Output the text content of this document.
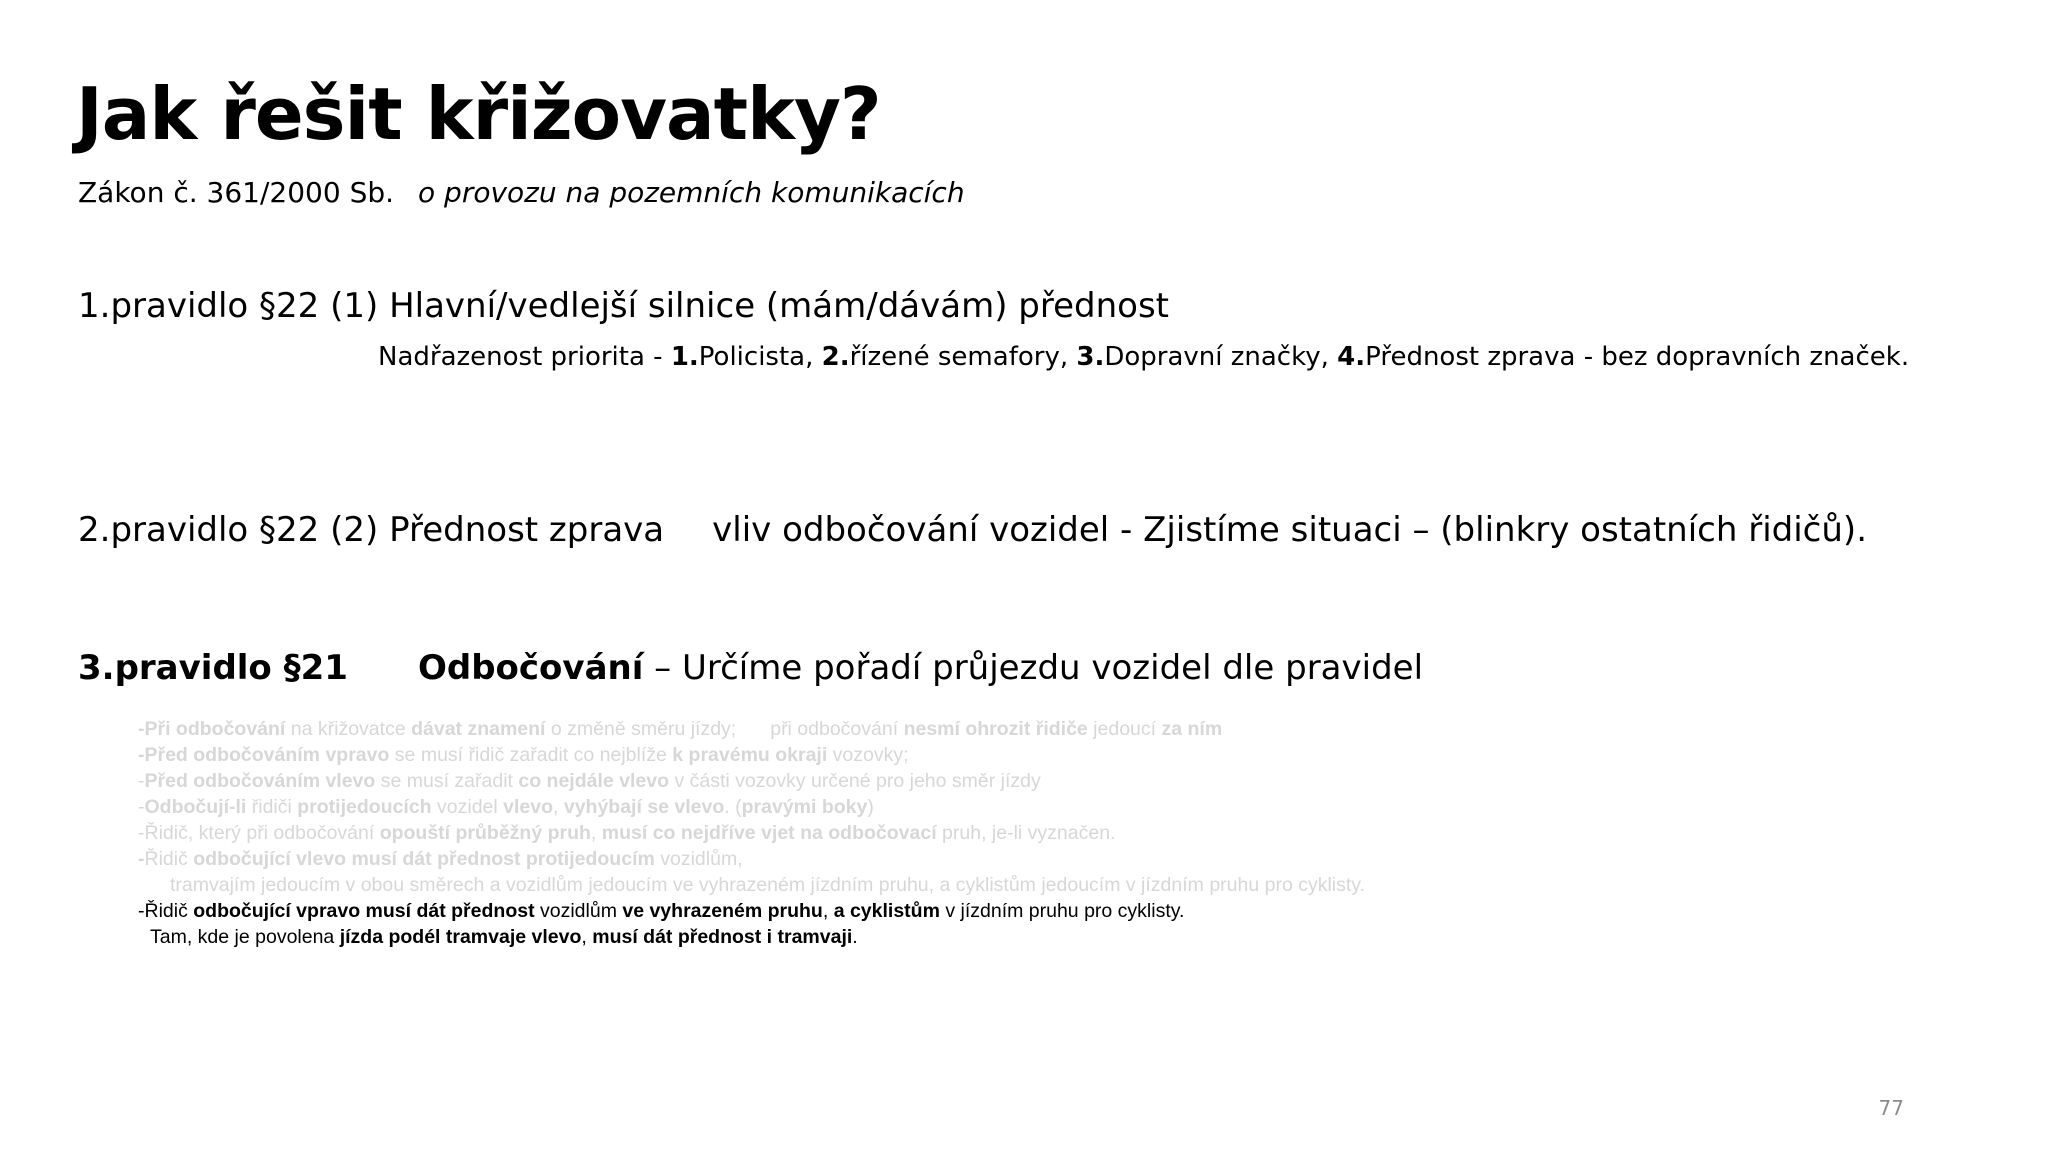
Jak řešit křižovatky?
Zákon č. 361/2000 Sb. o provozu na pozemních komunikacích
1.pravidlo §22 (1) Hlavní/vedlejší silnice (mám/dávám) přednost
Nadřazenost priorita - 1.Policista, 2.řízené semafory, 3.Dopravní značky, 4.Přednost zprava - bez dopravních značek.
2.pravidlo §22 (2) Přednost zprava vliv odbočování vozidel - Zjistíme situaci – (blinkry ostatních řidičů).
3.pravidlo §21 Odbočování – Určíme pořadí průjezdu vozidel dle pravidel
-Při odbočování na křižovatce dávat znamení o změně směru jízdy; při odbočování nesmí ohrozit řidiče jedoucí za ním
-Před odbočováním vpravo se musí řidič zařadit co nejblíže k pravému okraji vozovky;
-Před odbočováním vlevo se musí zařadit co nejdále vlevo v části vozovky určené pro jeho směr jízdy
-Odbočují-li řidiči protijedoucích vozidel vlevo, vyhýbají se vlevo. (pravými boky)
-Řidič, který při odbočování opouští průběžný pruh, musí co nejdříve vjet na odbočovací pruh, je-li vyznačen.
-Řidič odbočující vlevo musí dát přednost protijedoucím vozidlům,
tramvajím jedoucím v obou směrech a vozidlům jedoucím ve vyhrazeném jízdním pruhu, a cyklistům jedoucím v jízdním pruhu pro cyklisty.
-Řidič odbočující vpravo musí dát přednost vozidlům ve vyhrazeném pruhu, a cyklistům v jízdním pruhu pro cyklisty.
Tam, kde je povolena jízda podél tramvaje vlevo, musí dát přednost i tramvaji.
77
